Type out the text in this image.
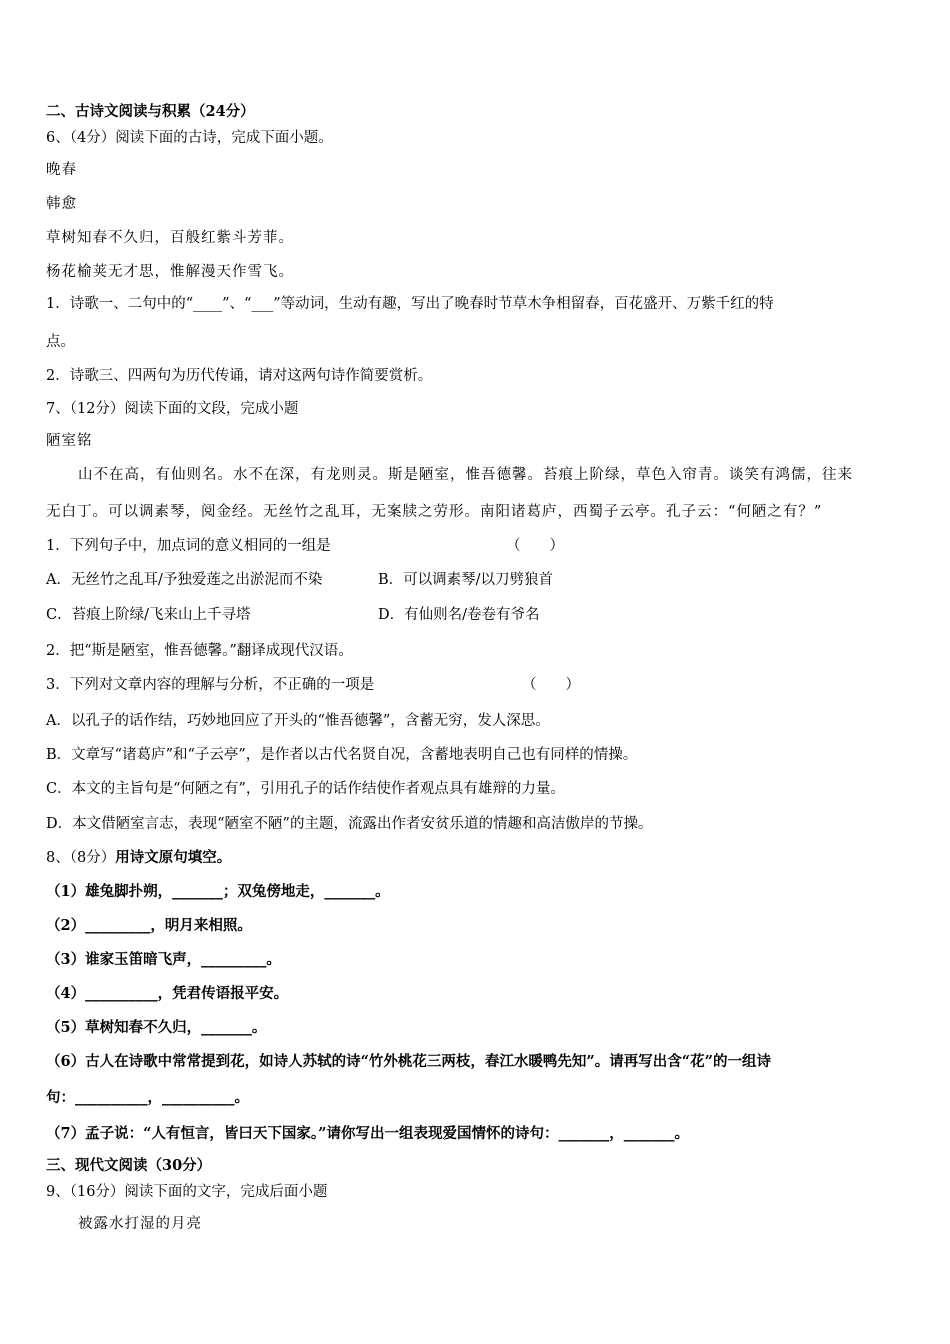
二、古诗文阅读与积累（24分）
6、（4分）阅读下面的古诗，完成下面小题。
晚春
韩愈
草树知春不久归，百般红紫斗芳菲。
杨花榆荚无才思，惟解漫天作雪飞。
1．诗歌一、二句中的“____”、“___”等动词，生动有趣，写出了晚春时节草木争相留春，百花盛开、万紫千红的特
点。
2．诗歌三、四两句为历代传诵，请对这两句诗作简要赏析。
7、（12分）阅读下面的文段，完成小题
陋室铭
山不在高，有仙则名。水不在深，有龙则灵。斯是陋室，惟吾德馨。苔痕上阶绿，草色入帘青。谈笑有鸿儒，往来
无白丁。可以调素琴，阅金经。无丝竹之乱耳，无案牍之劳形。南阳诸葛庐，西蜀子云亭。孔子云：“何陋之有？”
1．下列句子中，加点词的意义相同的一组是	（　　）
A．无丝竹之乱耳/予独爱莲之出淤泥而不染	B．可以调素琴/以刀劈狼首
C．苔痕上阶绿/飞来山上千寻塔	D．有仙则名/卷卷有爷名
2．把“斯是陋室，惟吾德馨。”翻译成现代汉语。
3．下列对文章内容的理解与分析，不正确的一项是	（　　）
A．以孔子的话作结，巧妙地回应了开头的“惟吾德馨”，含蓄无穷，发人深思。
B．文章写“诸葛庐”和“子云亭”，是作者以古代名贤自况，含蓄地表明自己也有同样的情操。
C．本文的主旨句是“何陋之有”，引用孔子的话作结使作者观点具有雄辩的力量。
D．本文借陋室言志，表现“陋室不陋”的主题，流露出作者安贫乐道的情趣和高洁傲岸的节操。
8、（8分）用诗文原句填空。
（1）雄兔脚扑朔，_______；双兔傍地走，_______。
（2）_________，明月来相照。
（3）谁家玉笛暗飞声，_________。
（4）__________，凭君传语报平安。
（5）草树知春不久归，_______。
（6）古人在诗歌中常常提到花，如诗人苏轼的诗“竹外桃花三两枝，春江水暖鸭先知”。请再写出含“花”的一组诗
句：__________，__________。
（7）孟子说：“人有恒言，皆曰天下国家。”请你写出一组表现爱国情怀的诗句：_______，_______。
三、现代文阅读（30分）
9、（16分）阅读下面的文字，完成后面小题
被露水打湿的月亮
